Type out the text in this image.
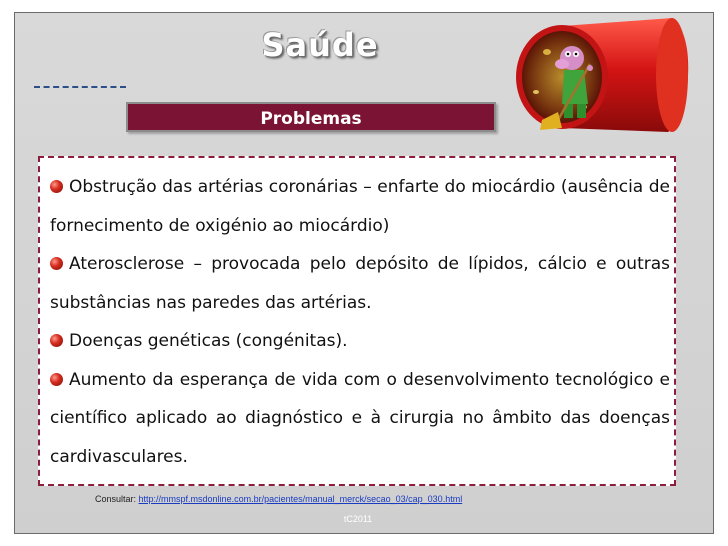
Saúde
Problemas

Obstrução das artérias coronárias – enfarte do miocárdio (ausência de fornecimento de oxigénio ao miocárdio)

Aterosclerose – provocada pelo depósito de lípidos, cálcio e outras substâncias nas paredes das artérias.

Doenças genéticas (congénitas).

Aumento da esperança de vida com o desenvolvimento tecnológico e científico aplicado ao diagnóstico e à cirurgia no âmbito das doenças cardivasculares.

Consultar: http://mmspf.msdonline.com.br/pacientes/manual_merck/secao_03/cap_030.html
tC2011
